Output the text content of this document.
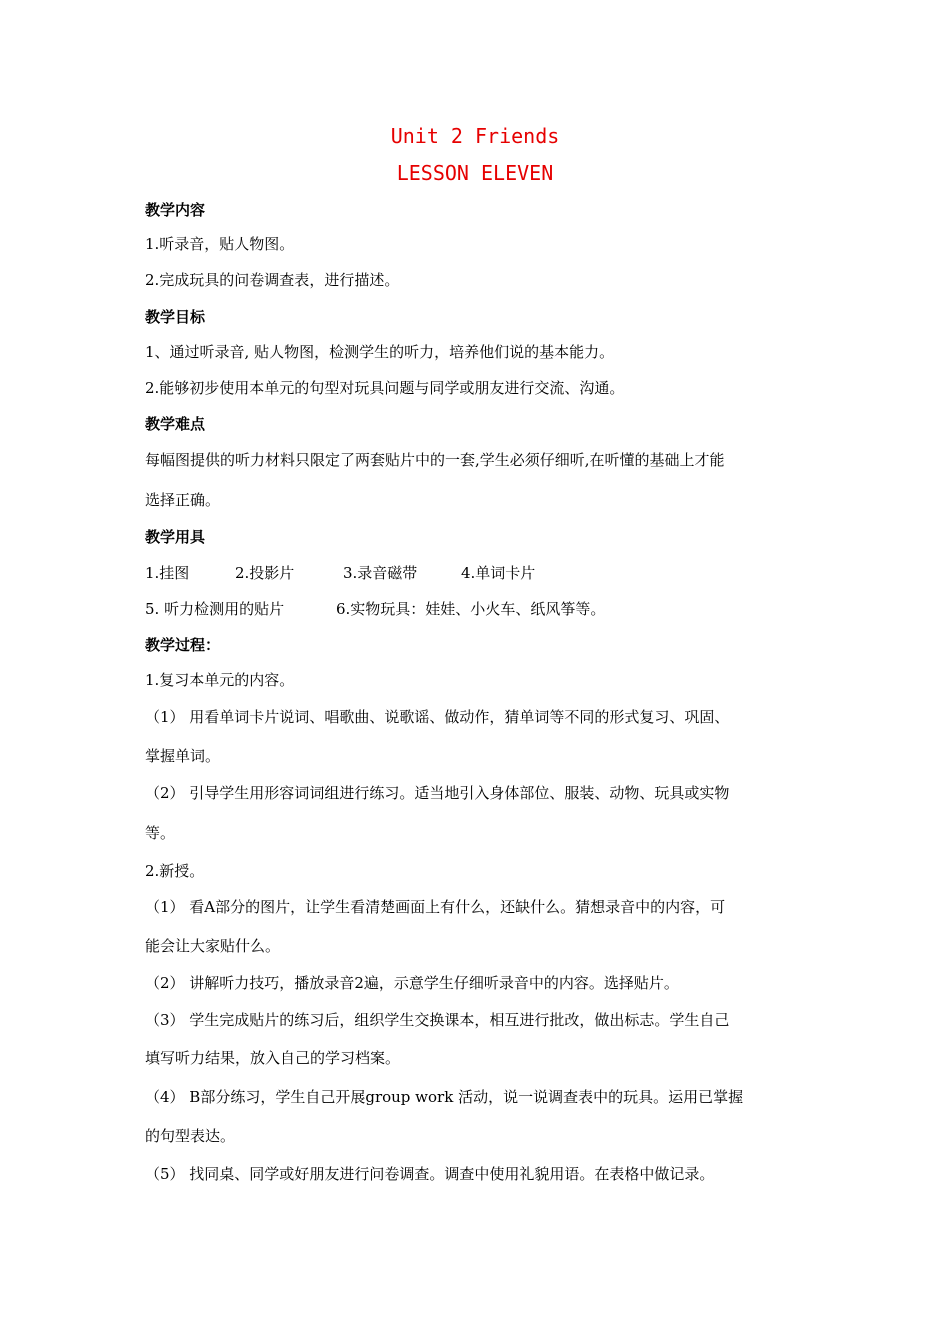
Unit 2 Friends
LESSON ELEVEN
教学内容
1.听录音，贴人物图。
2.完成玩具的问卷调查表，进行描述。
教学目标
1、通过听录音, 贴人物图，检测学生的听力，培养他们说的基本能力。
2.能够初步使用本单元的句型对玩具问题与同学或朋友进行交流、沟通。
教学难点
每幅图提供的听力材料只限定了两套贴片中的一套,学生必须仔细听,在听懂的基础上才能
选择正确。
教学用具
1.挂图	2.投影片	3.录音磁带	4.单词卡片
5. 听力检测用的贴片	6.实物玩具：娃娃、小火车、纸风筝等。
教学过程：
1.复习本单元的内容。
（1） 用看单词卡片说词、唱歌曲、说歌谣、做动作，猜单词等不同的形式复习、巩固、
掌握单词。
（2） 引导学生用形容词词组进行练习。适当地引入身体部位、服装、动物、玩具或实物
等。
2.新授。
（1） 看A部分的图片，让学生看清楚画面上有什么，还缺什么。猜想录音中的内容，可
能会让大家贴什么。
（2） 讲解听力技巧，播放录音2遍，示意学生仔细听录音中的内容。选择贴片。
（3） 学生完成贴片的练习后，组织学生交换课本，相互进行批改，做出标志。学生自己
填写听力结果，放入自己的学习档案。
（4） B部分练习，学生自己开展group work 活动，说一说调查表中的玩具。运用已掌握
的句型表达。
（5） 找同桌、同学或好朋友进行问卷调查。调查中使用礼貌用语。在表格中做记录。
